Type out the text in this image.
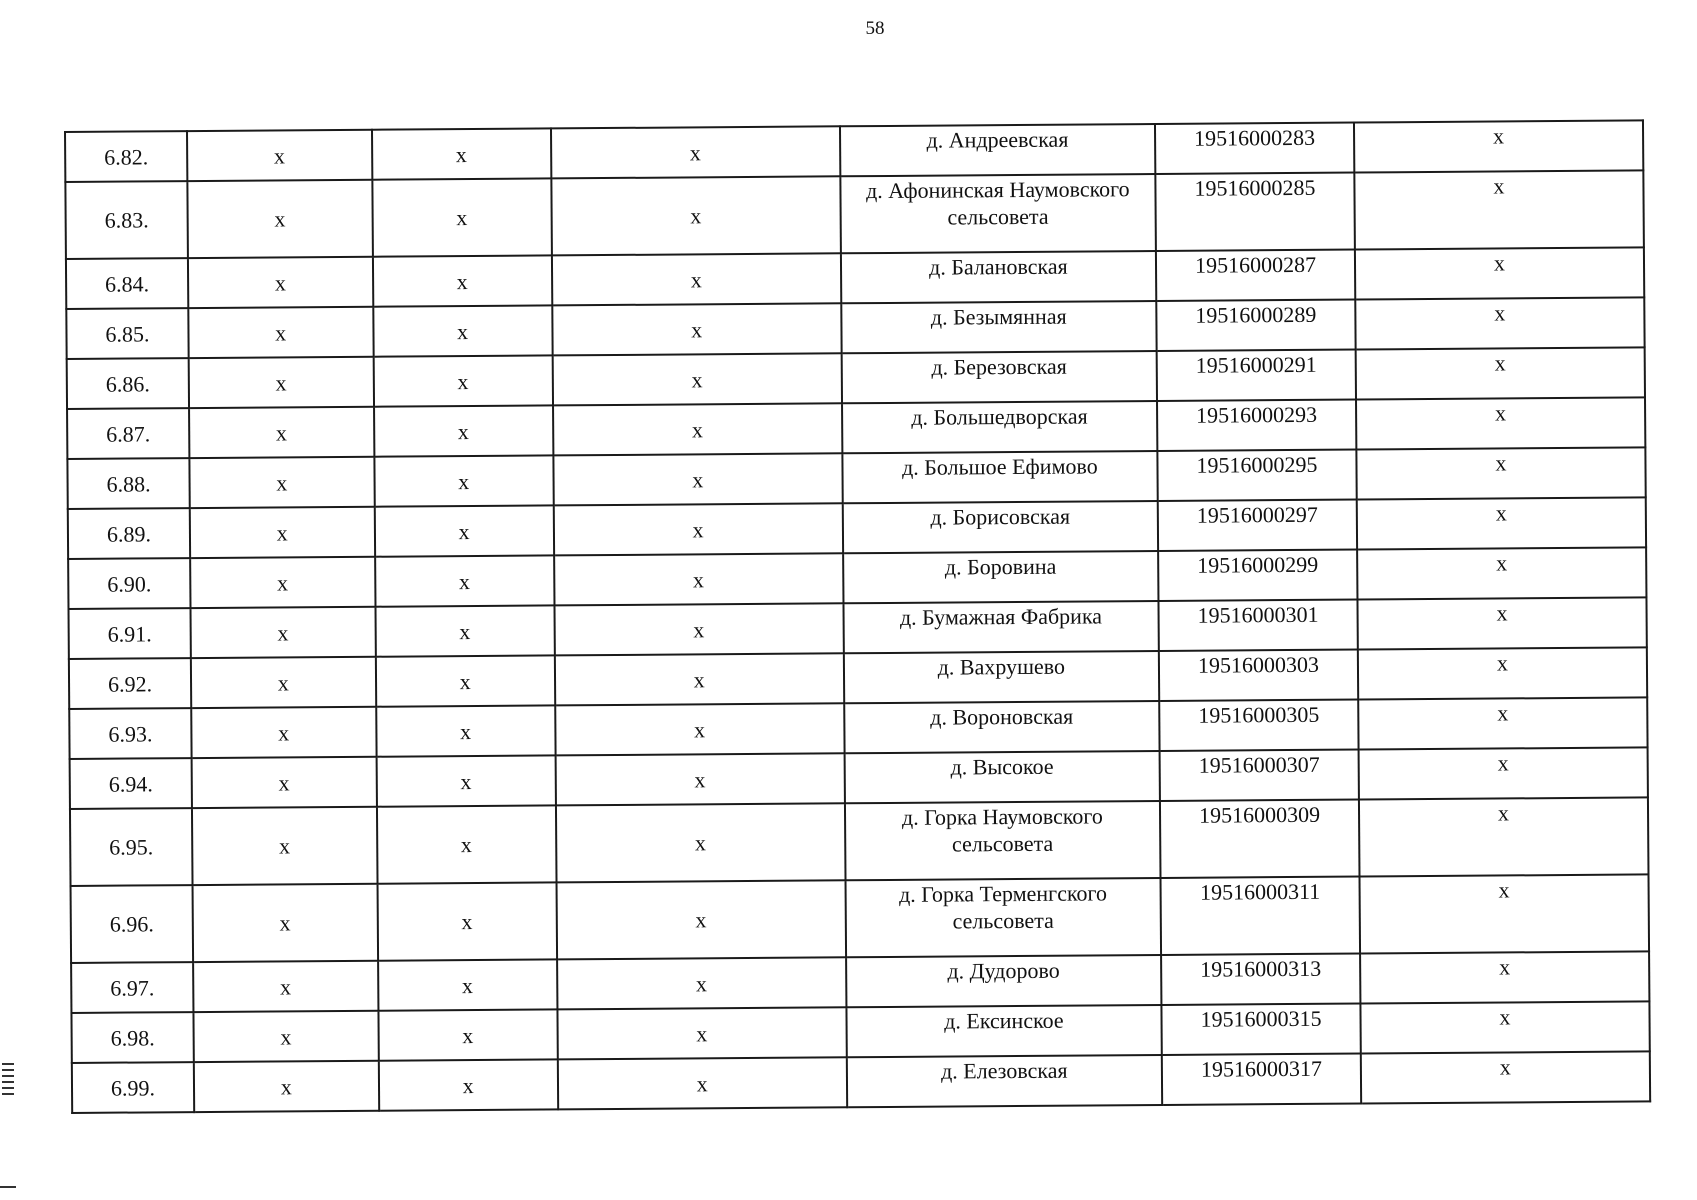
58
6.82.	x	x	x	д. Андреевская	19516000283	x
6.83.	x	x	x	д. Афонинская Наумовского сельсовета	19516000285	x
6.84.	x	x	x	д. Балановская	19516000287	x
6.85.	x	x	x	д. Безымянная	19516000289	x
6.86.	x	x	x	д. Березовская	19516000291	x
6.87.	x	x	x	д. Большедворская	19516000293	x
6.88.	x	x	x	д. Большое Ефимово	19516000295	x
6.89.	x	x	x	д. Борисовская	19516000297	x
6.90.	x	x	x	д. Боровина	19516000299	x
6.91.	x	x	x	д. Бумажная Фабрика	19516000301	x
6.92.	x	x	x	д. Вахрушево	19516000303	x
6.93.	x	x	x	д. Вороновская	19516000305	x
6.94.	x	x	x	д. Высокое	19516000307	x
6.95.	x	x	x	д. Горка Наумовского сельсовета	19516000309	x
6.96.	x	x	x	д. Горка Терменгского сельсовета	19516000311	x
6.97.	x	x	x	д. Дудорово	19516000313	x
6.98.	x	x	x	д. Ексинское	19516000315	x
6.99.	x	x	x	д. Елезовская	19516000317	x
